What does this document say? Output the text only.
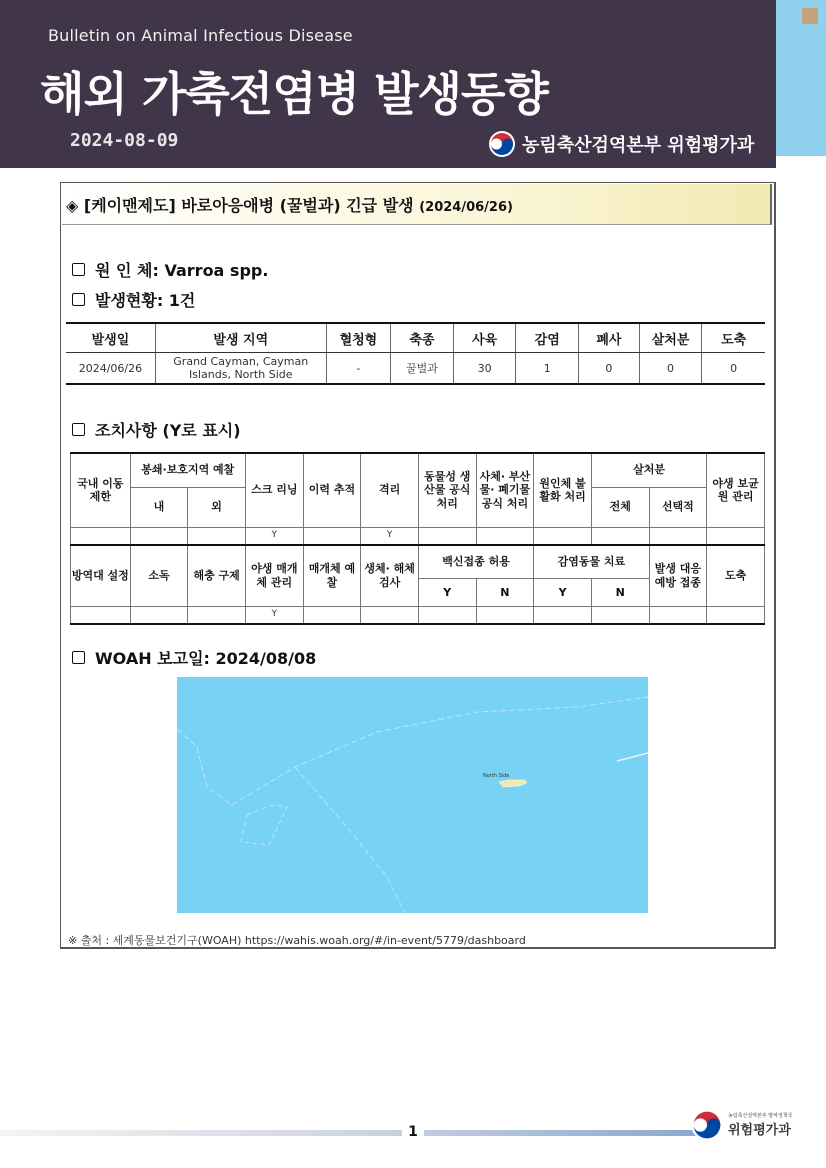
Bulletin on Animal Infectious Disease
해외 가축전염병 발생동향
2024-08-09	농림축산검역본부 위험평가과
◈ [케이맨제도] 바로아응애병 (꿀벌과) 긴급 발생 (2024/06/26)
원 인 체: Varroa spp.
발생현황: 1건
발생일	발생 지역	혈청형	축종	사육	감염	폐사	살처분	도축
2024/06/26	Grand Cayman, Cayman Islands, North Side	-	꿀벌과	30	1	0	0	0
조치사항 (Y로 표시)
국내 이동 제한	봉쇄·보호지역 예찰		스크 리닝	이력 추적	격리	동물성 생산물 공식 처리	사체· 부산물· 폐기물 공식 처리	원인체 불활화 처리	살처분		야생 보균원 관리
	내	외							전체	선택적	
			Y		Y						
방역대 설정	소독	해충 구제	야생 매개체 관리	매개체 예찰	생체· 해체 검사	백신접종 허용		감염동물 치료		발생 대응 예방 접종	도축
						Y	N	Y	N		
			Y								
WOAH 보고일: 2024/08/08
North Side
※ 출처 : 세계동물보건기구(WOAH) https://wahis.woah.org/#/in-event/5779/dashboard
1
농림축산검역본부 방역정책국
위험평가과
